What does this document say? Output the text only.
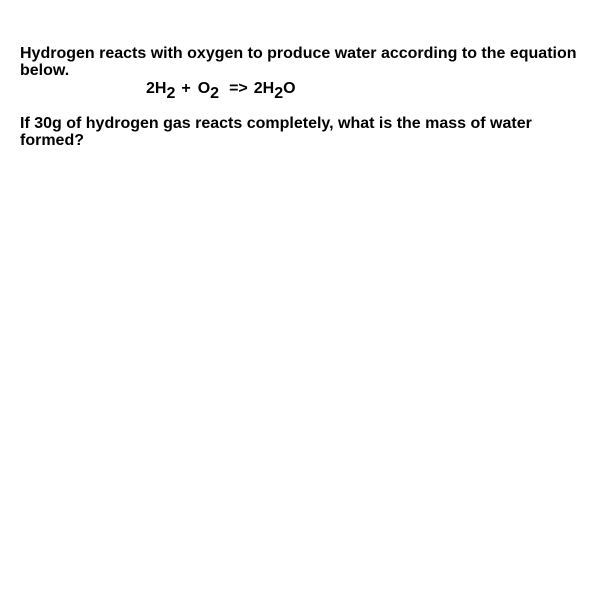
Hydrogen reacts with oxygen to produce water according to the equation below.

$2H_2 + O_2 => 2H_2O$

If 30g of hydrogen gas reacts completely, what is the mass of water formed?
